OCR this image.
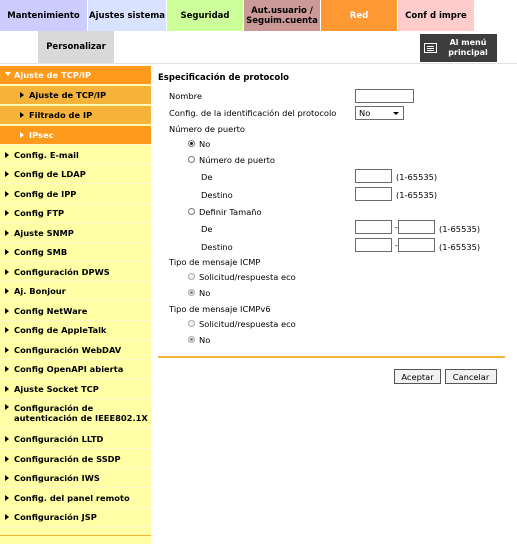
Mantenimiento Ajustes sistema Seguridad	Aut.usuario /
Seguim.cuenta	Red	Conf d impre
Personalizar	Al menú
principal
Ajuste de TCP/IP
Ajuste de TCP/IP
Filtrado de IP
IPsec
Config. E-mail
Config de LDAP
Config de IPP
Config FTP
Ajuste SNMP
Config SMB
Configuración DPWS
Aj. Bonjour
Config NetWare
Config de AppleTalk
Configuración WebDAV
Config OpenAPI abierta
Ajuste Socket TCP
Configuración de
autenticación de IEEE802.1X
Configuración LLTD
Configuración de SSDP
Configuración IWS
Config. del panel remoto
Configuración JSP
Especificación de protocolo
Nombre
Config. de la identificación del protocolo	No
Número de puerto
No
Número de puerto
De	(1-65535)
Destino	(1-65535)
Definir Tamaño
De	-	(1-65535)
Destino	-	(1-65535)
Tipo de mensaje ICMP
Solicitud/respuesta eco
No
Tipo de mensaje ICMPv6
Solicitud/respuesta eco
No
Aceptar Cancelar
